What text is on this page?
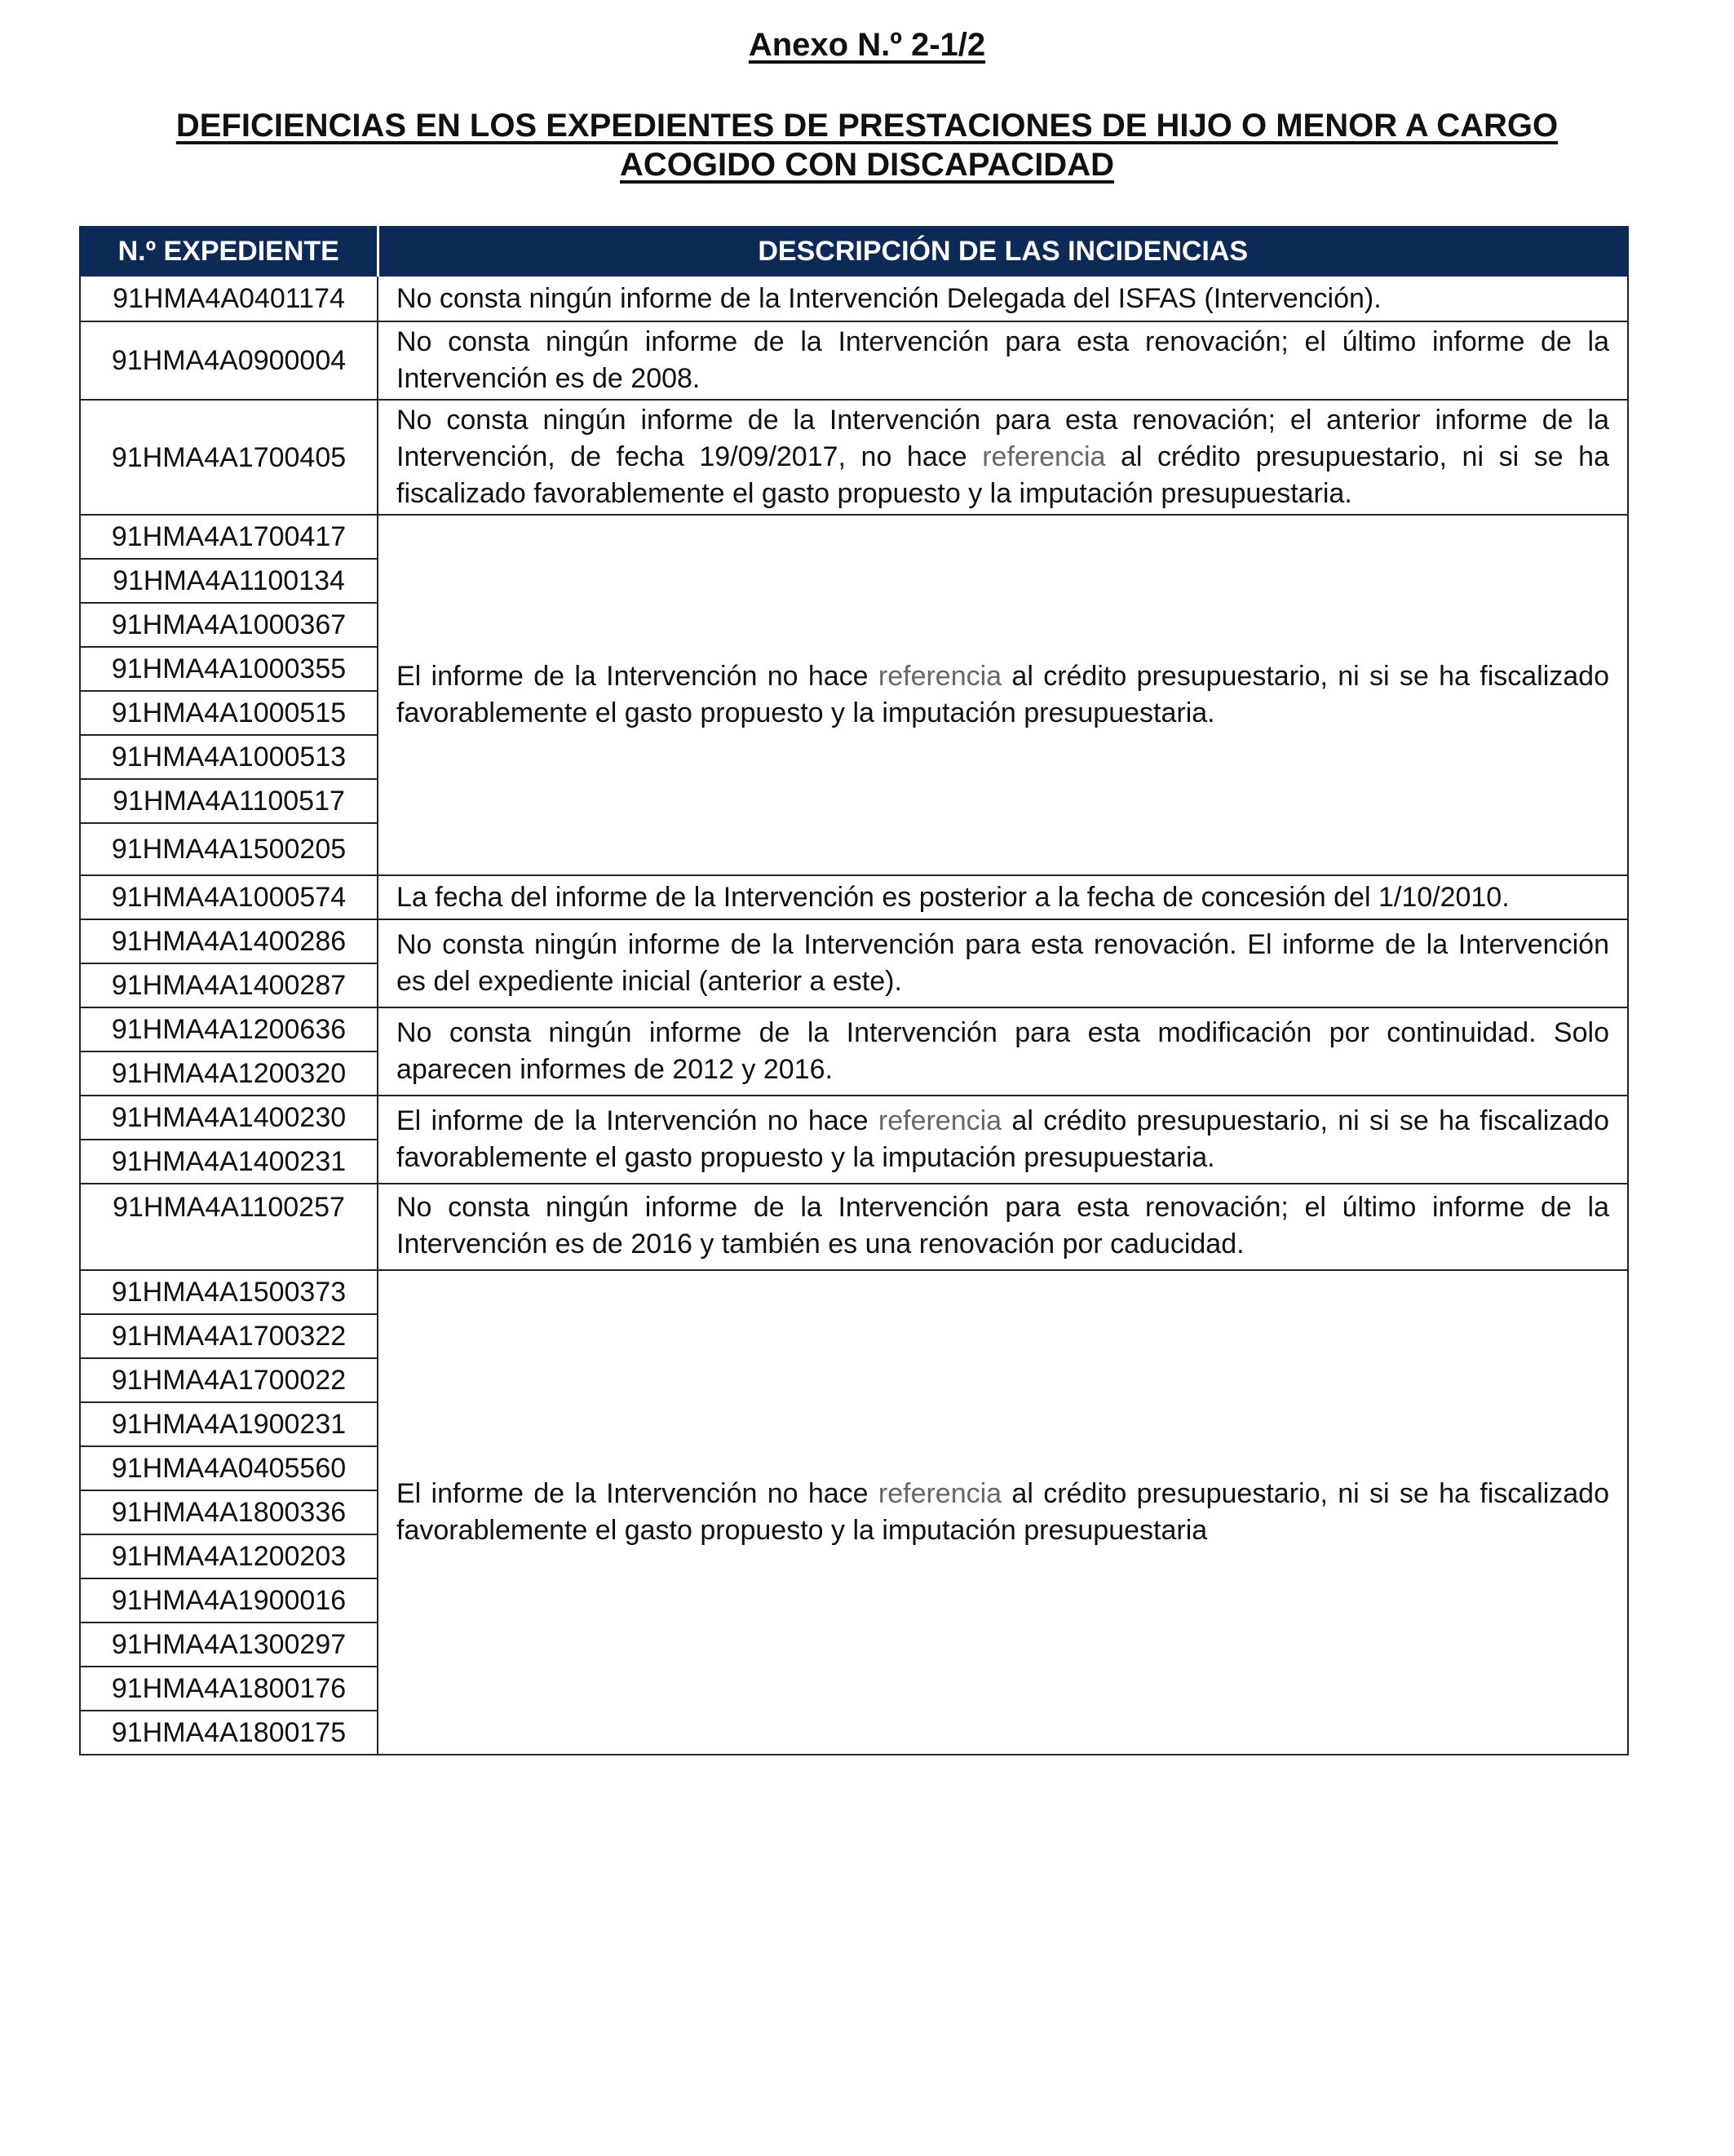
Anexo N.º 2-1/2
DEFICIENCIAS EN LOS EXPEDIENTES DE PRESTACIONES DE HIJO O MENOR A CARGO
ACOGIDO CON DISCAPACIDAD
N.º EXPEDIENTE	DESCRIPCIÓN DE LAS INCIDENCIAS
91HMA4A0401174	No consta ningún informe de la Intervención Delegada del ISFAS (Intervención).
91HMA4A0900004	No consta ningún informe de la Intervención para esta renovación; el último informe de la Intervención es de 2008.
91HMA4A1700405	No consta ningún informe de la Intervención para esta renovación; el anterior informe de la Intervención, de fecha 19/09/2017, no hace referencia al crédito presupuestario, ni si se ha fiscalizado favorablemente el gasto propuesto y la imputación presupuestaria.
91HMA4A1700417	El informe de la Intervención no hace referencia al crédito presupuestario, ni si se ha fiscalizado favorablemente el gasto propuesto y la imputación presupuestaria.
91HMA4A1100134	
91HMA4A1000367	
91HMA4A1000355	
91HMA4A1000515	
91HMA4A1000513	
91HMA4A1100517	
91HMA4A1500205	
91HMA4A1000574	La fecha del informe de la Intervención es posterior a la fecha de concesión del 1/10/2010.
91HMA4A1400286	No consta ningún informe de la Intervención para esta renovación. El informe de la Intervención es del expediente inicial (anterior a este).
91HMA4A1400287	
91HMA4A1200636	No consta ningún informe de la Intervención para esta modificación por continuidad. Solo aparecen informes de 2012 y 2016.
91HMA4A1200320	
91HMA4A1400230	El informe de la Intervención no hace referencia al crédito presupuestario, ni si se ha fiscalizado favorablemente el gasto propuesto y la imputación presupuestaria.
91HMA4A1400231	
91HMA4A1100257	No consta ningún informe de la Intervención para esta renovación; el último informe de la Intervención es de 2016 y también es una renovación por caducidad.
91HMA4A1500373	El informe de la Intervención no hace referencia al crédito presupuestario, ni si se ha fiscalizado favorablemente el gasto propuesto y la imputación presupuestaria
91HMA4A1700322	
91HMA4A1700022	
91HMA4A1900231	
91HMA4A0405560	
91HMA4A1800336	
91HMA4A1200203	
91HMA4A1900016	
91HMA4A1300297	
91HMA4A1800176	
91HMA4A1800175	
